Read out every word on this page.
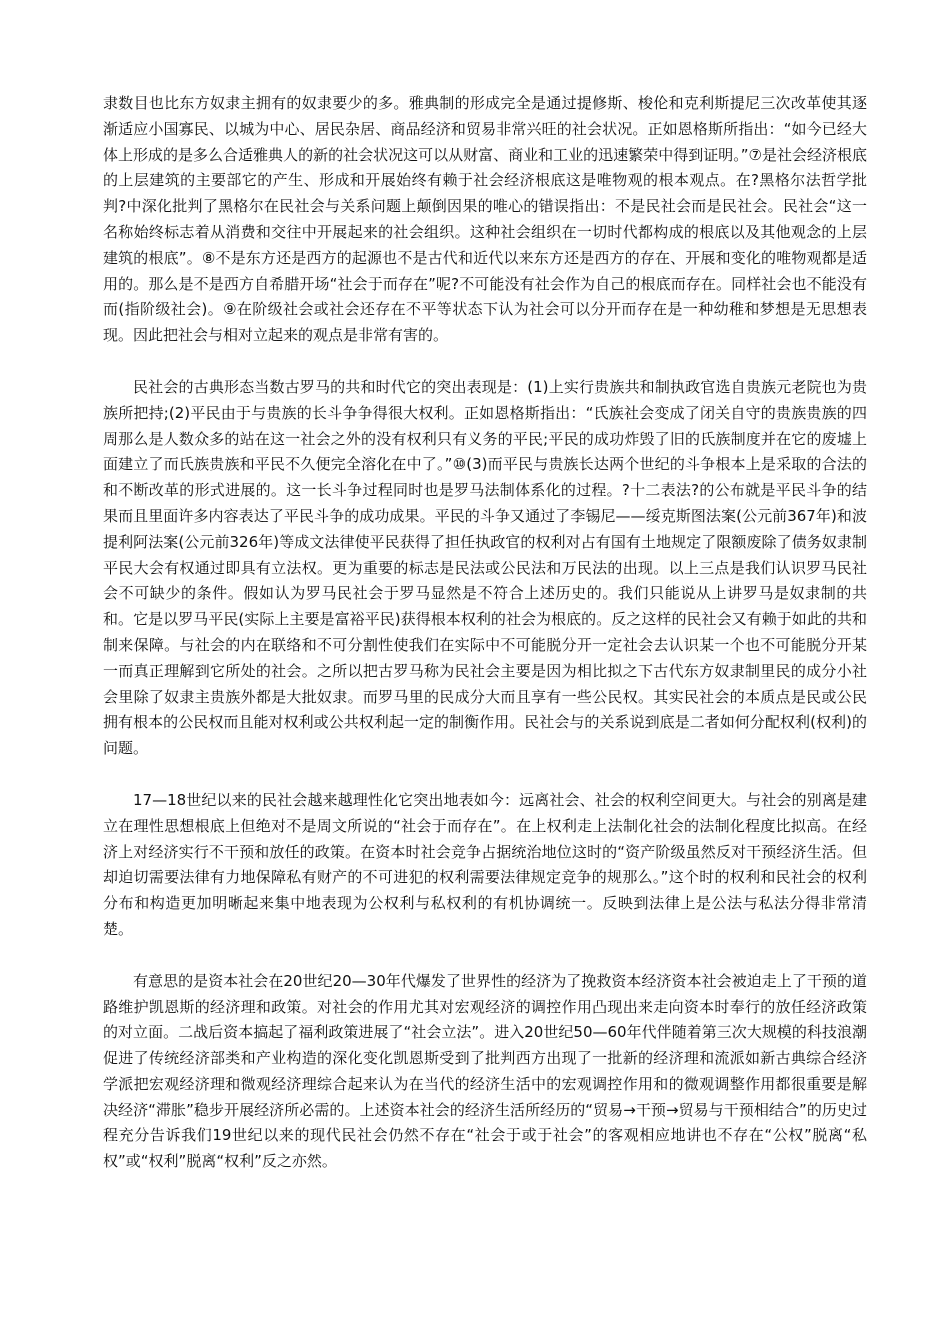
隶数目也比东方奴隶主拥有的奴隶要少的多。雅典制的形成完全是通过提修斯、梭伦和克利斯提尼三次改革使其逐渐适应小国寡民、以城为中心、居民杂居、商品经济和贸易非常兴旺的社会状况。正如恩格斯所指出：“如今已经大体上形成的是多么合适雅典人的新的社会状况这可以从财富、商业和工业的迅速繁荣中得到证明。”⑦是社会经济根底的上层建筑的主要部它的产生、形成和开展始终有赖于社会经济根底这是唯物观的根本观点。在?黑格尔法哲学批判?中深化批判了黑格尔在民社会与关系问题上颠倒因果的唯心的错误指出：不是民社会而是民社会。民社会“这一名称始终标志着从消费和交往中开展起来的社会组织。这种社会组织在一切时代都构成的根底以及其他观念的上层建筑的根底”。⑧不是东方还是西方的起源也不是古代和近代以来东方还是西方的存在、开展和变化的唯物观都是适用的。那么是不是西方自希腊开场“社会于而存在”呢?不可能没有社会作为自己的根底而存在。同样社会也不能没有而(指阶级社会)。⑨在阶级社会或社会还存在不平等状态下认为社会可以分开而存在是一种幼稚和梦想是无思想表现。因此把社会与相对立起来的观点是非常有害的。

民社会的古典形态当数古罗马的共和时代它的突出表现是：(1)上实行贵族共和制执政官选自贵族元老院也为贵族所把持;(2)平民由于与贵族的长斗争争得很大权利。正如恩格斯指出：“氏族社会变成了闭关自守的贵族贵族的四周那么是人数众多的站在这一社会之外的没有权利只有义务的平民;平民的成功炸毁了旧的氏族制度并在它的废墟上面建立了而氏族贵族和平民不久便完全溶化在中了。”⑩(3)而平民与贵族长达两个世纪的斗争根本上是采取的合法的和不断改革的形式进展的。这一长斗争过程同时也是罗马法制体系化的过程。?十二表法?的公布就是平民斗争的结果而且里面许多内容表达了平民斗争的成功成果。平民的斗争又通过了李锡尼——绥克斯图法案(公元前367年)和波提利阿法案(公元前326年)等成文法律使平民获得了担任执政官的权利对占有国有土地规定了限额废除了债务奴隶制平民大会有权通过即具有立法权。更为重要的标志是民法或公民法和万民法的出现。以上三点是我们认识罗马民社会不可缺少的条件。假如认为罗马民社会于罗马显然是不符合上述历史的。我们只能说从上讲罗马是奴隶制的共和。它是以罗马平民(实际上主要是富裕平民)获得根本权利的社会为根底的。反之这样的民社会又有赖于如此的共和制来保障。与社会的内在联络和不可分割性使我们在实际中不可能脱分开一定社会去认识某一个也不可能脱分开某一而真正理解到它所处的社会。之所以把古罗马称为民社会主要是因为相比拟之下古代东方奴隶制里民的成分小社会里除了奴隶主贵族外都是大批奴隶。而罗马里的民成分大而且享有一些公民权。其实民社会的本质点是民或公民拥有根本的公民权而且能对权利或公共权利起一定的制衡作用。民社会与的关系说到底是二者如何分配权利(权利)的问题。

17—18世纪以来的民社会越来越理性化它突出地表如今：远离社会、社会的权利空间更大。与社会的别离是建立在理性思想根底上但绝对不是周文所说的“社会于而存在”。在上权利走上法制化社会的法制化程度比拟高。在经济上对经济实行不干预和放任的政策。在资本时社会竞争占据统治地位这时的“资产阶级虽然反对干预经济生活。但却迫切需要法律有力地保障私有财产的不可进犯的权利需要法律规定竞争的规那么。”这个时的权利和民社会的权利分布和构造更加明晰起来集中地表现为公权利与私权利的有机协调统一。反映到法律上是公法与私法分得非常清楚。

有意思的是资本社会在20世纪20—30年代爆发了世界性的经济为了挽救资本经济资本社会被迫走上了干预的道路维护凯恩斯的经济理和政策。对社会的作用尤其对宏观经济的调控作用凸现出来走向资本时奉行的放任经济政策的对立面。二战后资本搞起了福利政策进展了“社会立法”。进入20世纪50—60年代伴随着第三次大规模的科技浪潮促进了传统经济部类和产业构造的深化变化凯恩斯受到了批判西方出现了一批新的经济理和流派如新古典综合经济学派把宏观经济理和微观经济理综合起来认为在当代的经济生活中的宏观调控作用和的微观调整作用都很重要是解决经济“滞胀”稳步开展经济所必需的。上述资本社会的经济生活所经历的“贸易→干预→贸易与干预相结合”的历史过程充分告诉我们19世纪以来的现代民社会仍然不存在“社会于或于社会”的客观相应地讲也不存在“公权”脱离“私权”或“权利”脱离“权利”反之亦然。
